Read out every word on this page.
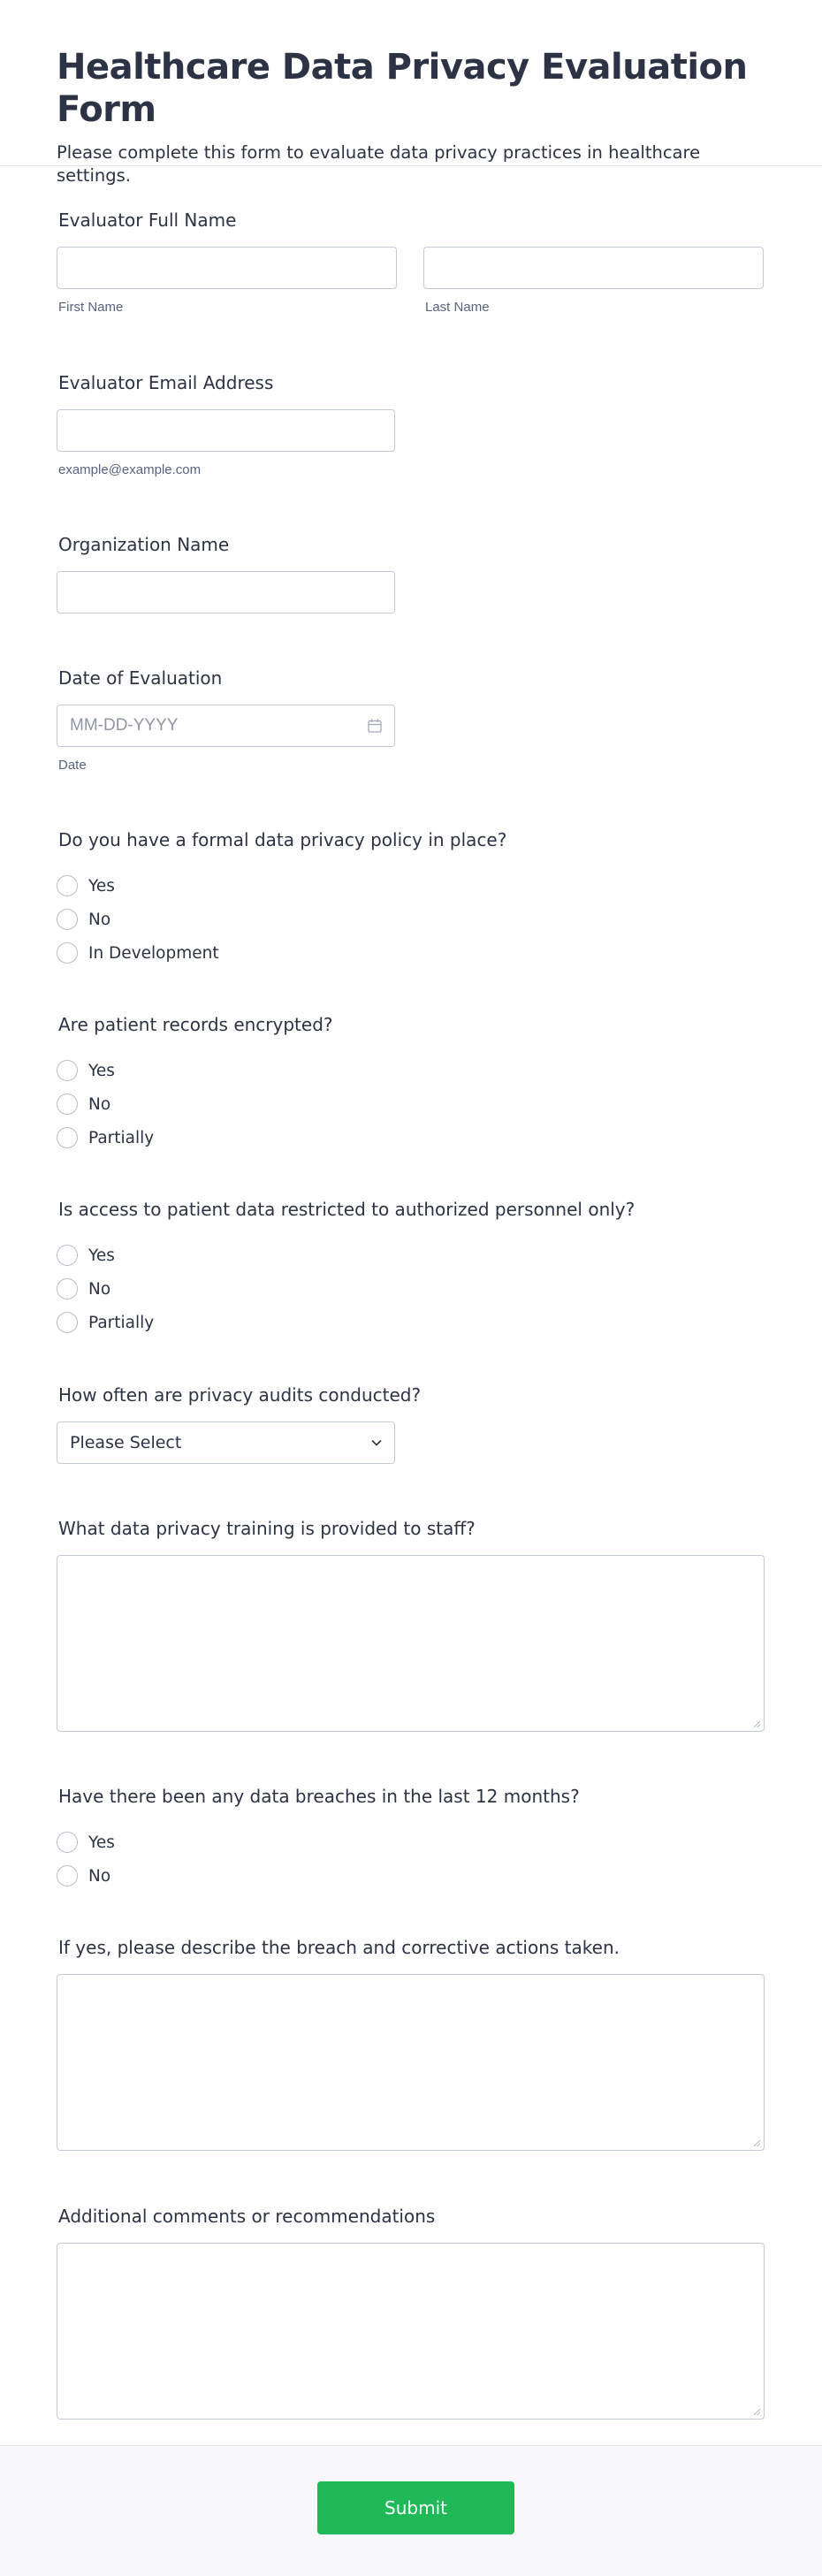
Healthcare Data Privacy Evaluation Form

Please complete this form to evaluate data privacy practices in healthcare settings.

Evaluator Full Name
First Name	Last Name
Evaluator Email Address
example@example.com
Organization Name
Date of Evaluation
MM-DD-YYYY
Date
Do you have a formal data privacy policy in place?
Yes
No
In Development
Are patient records encrypted?
Yes
No
Partially
Is access to patient data restricted to authorized personnel only?
Yes
No
Partially
How often are privacy audits conducted?
Please Select
What data privacy training is provided to staff?
Have there been any data breaches in the last 12 months?
Yes
No
If yes, please describe the breach and corrective actions taken.
Additional comments or recommendations
Submit
